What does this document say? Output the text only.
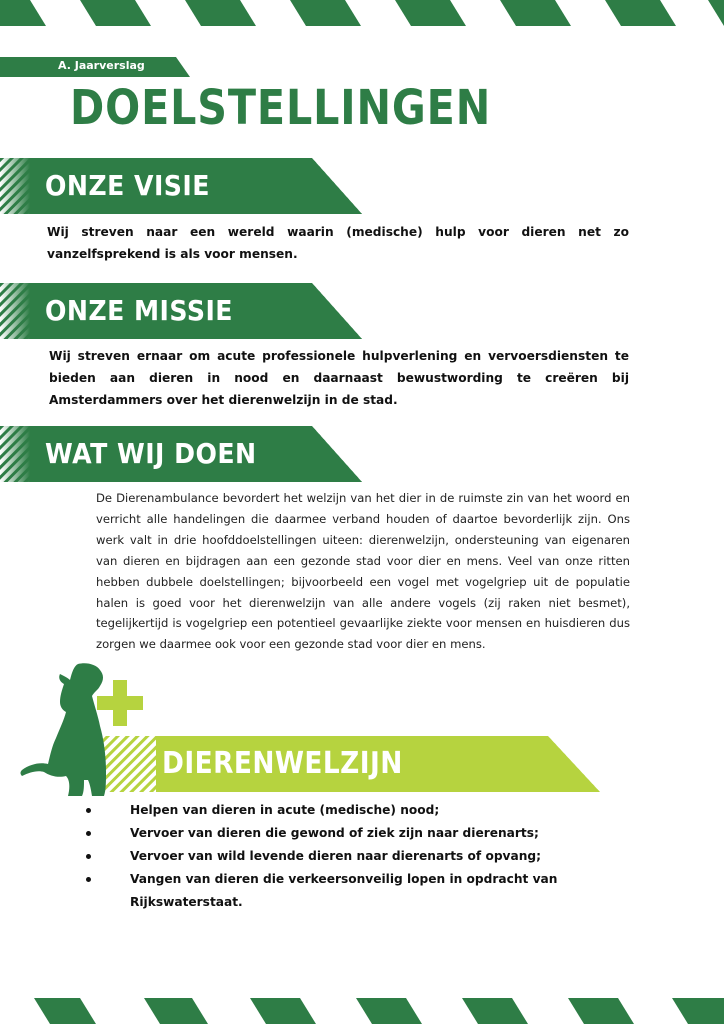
A. Jaarverslag
DOELSTELLINGEN
ONZE VISIE

Wij streven naar een wereld waarin (medische) hulp voor dieren net zo vanzelfsprekend is als voor mensen.

ONZE MISSIE

Wij streven ernaar om acute professionele hulpverlening en vervoersdiensten te bieden aan dieren in nood en daarnaast bewustwording te creëren bij Amsterdammers over het dierenwelzijn in de stad.

WAT WIJ DOEN

De Dierenambulance bevordert het welzijn van het dier in de ruimste zin van het woord en verricht alle handelingen die daarmee verband houden of daartoe bevorderlijk zijn. Ons werk valt in drie hoofddoelstellingen uiteen: dierenwelzijn, ondersteuning van eigenaren van dieren en bijdragen aan een gezonde stad voor dier en mens. Veel van onze ritten hebben dubbele doelstellingen; bijvoorbeeld een vogel met vogelgriep uit de populatie halen is goed voor het dierenwelzijn van alle andere vogels (zij raken niet besmet), tegelijkertijd is vogelgriep een potentieel gevaarlijke ziekte voor mensen en huisdieren dus zorgen we daarmee ook voor een gezonde stad voor dier en mens.

DIERENWELZIJN
Helpen van dieren in acute (medische) nood;
Vervoer van dieren die gewond of ziek zijn naar dierenarts;
Vervoer van wild levende dieren naar dierenarts of opvang;
Vangen van dieren die verkeersonveilig lopen in opdracht van Rijkswaterstaat.
